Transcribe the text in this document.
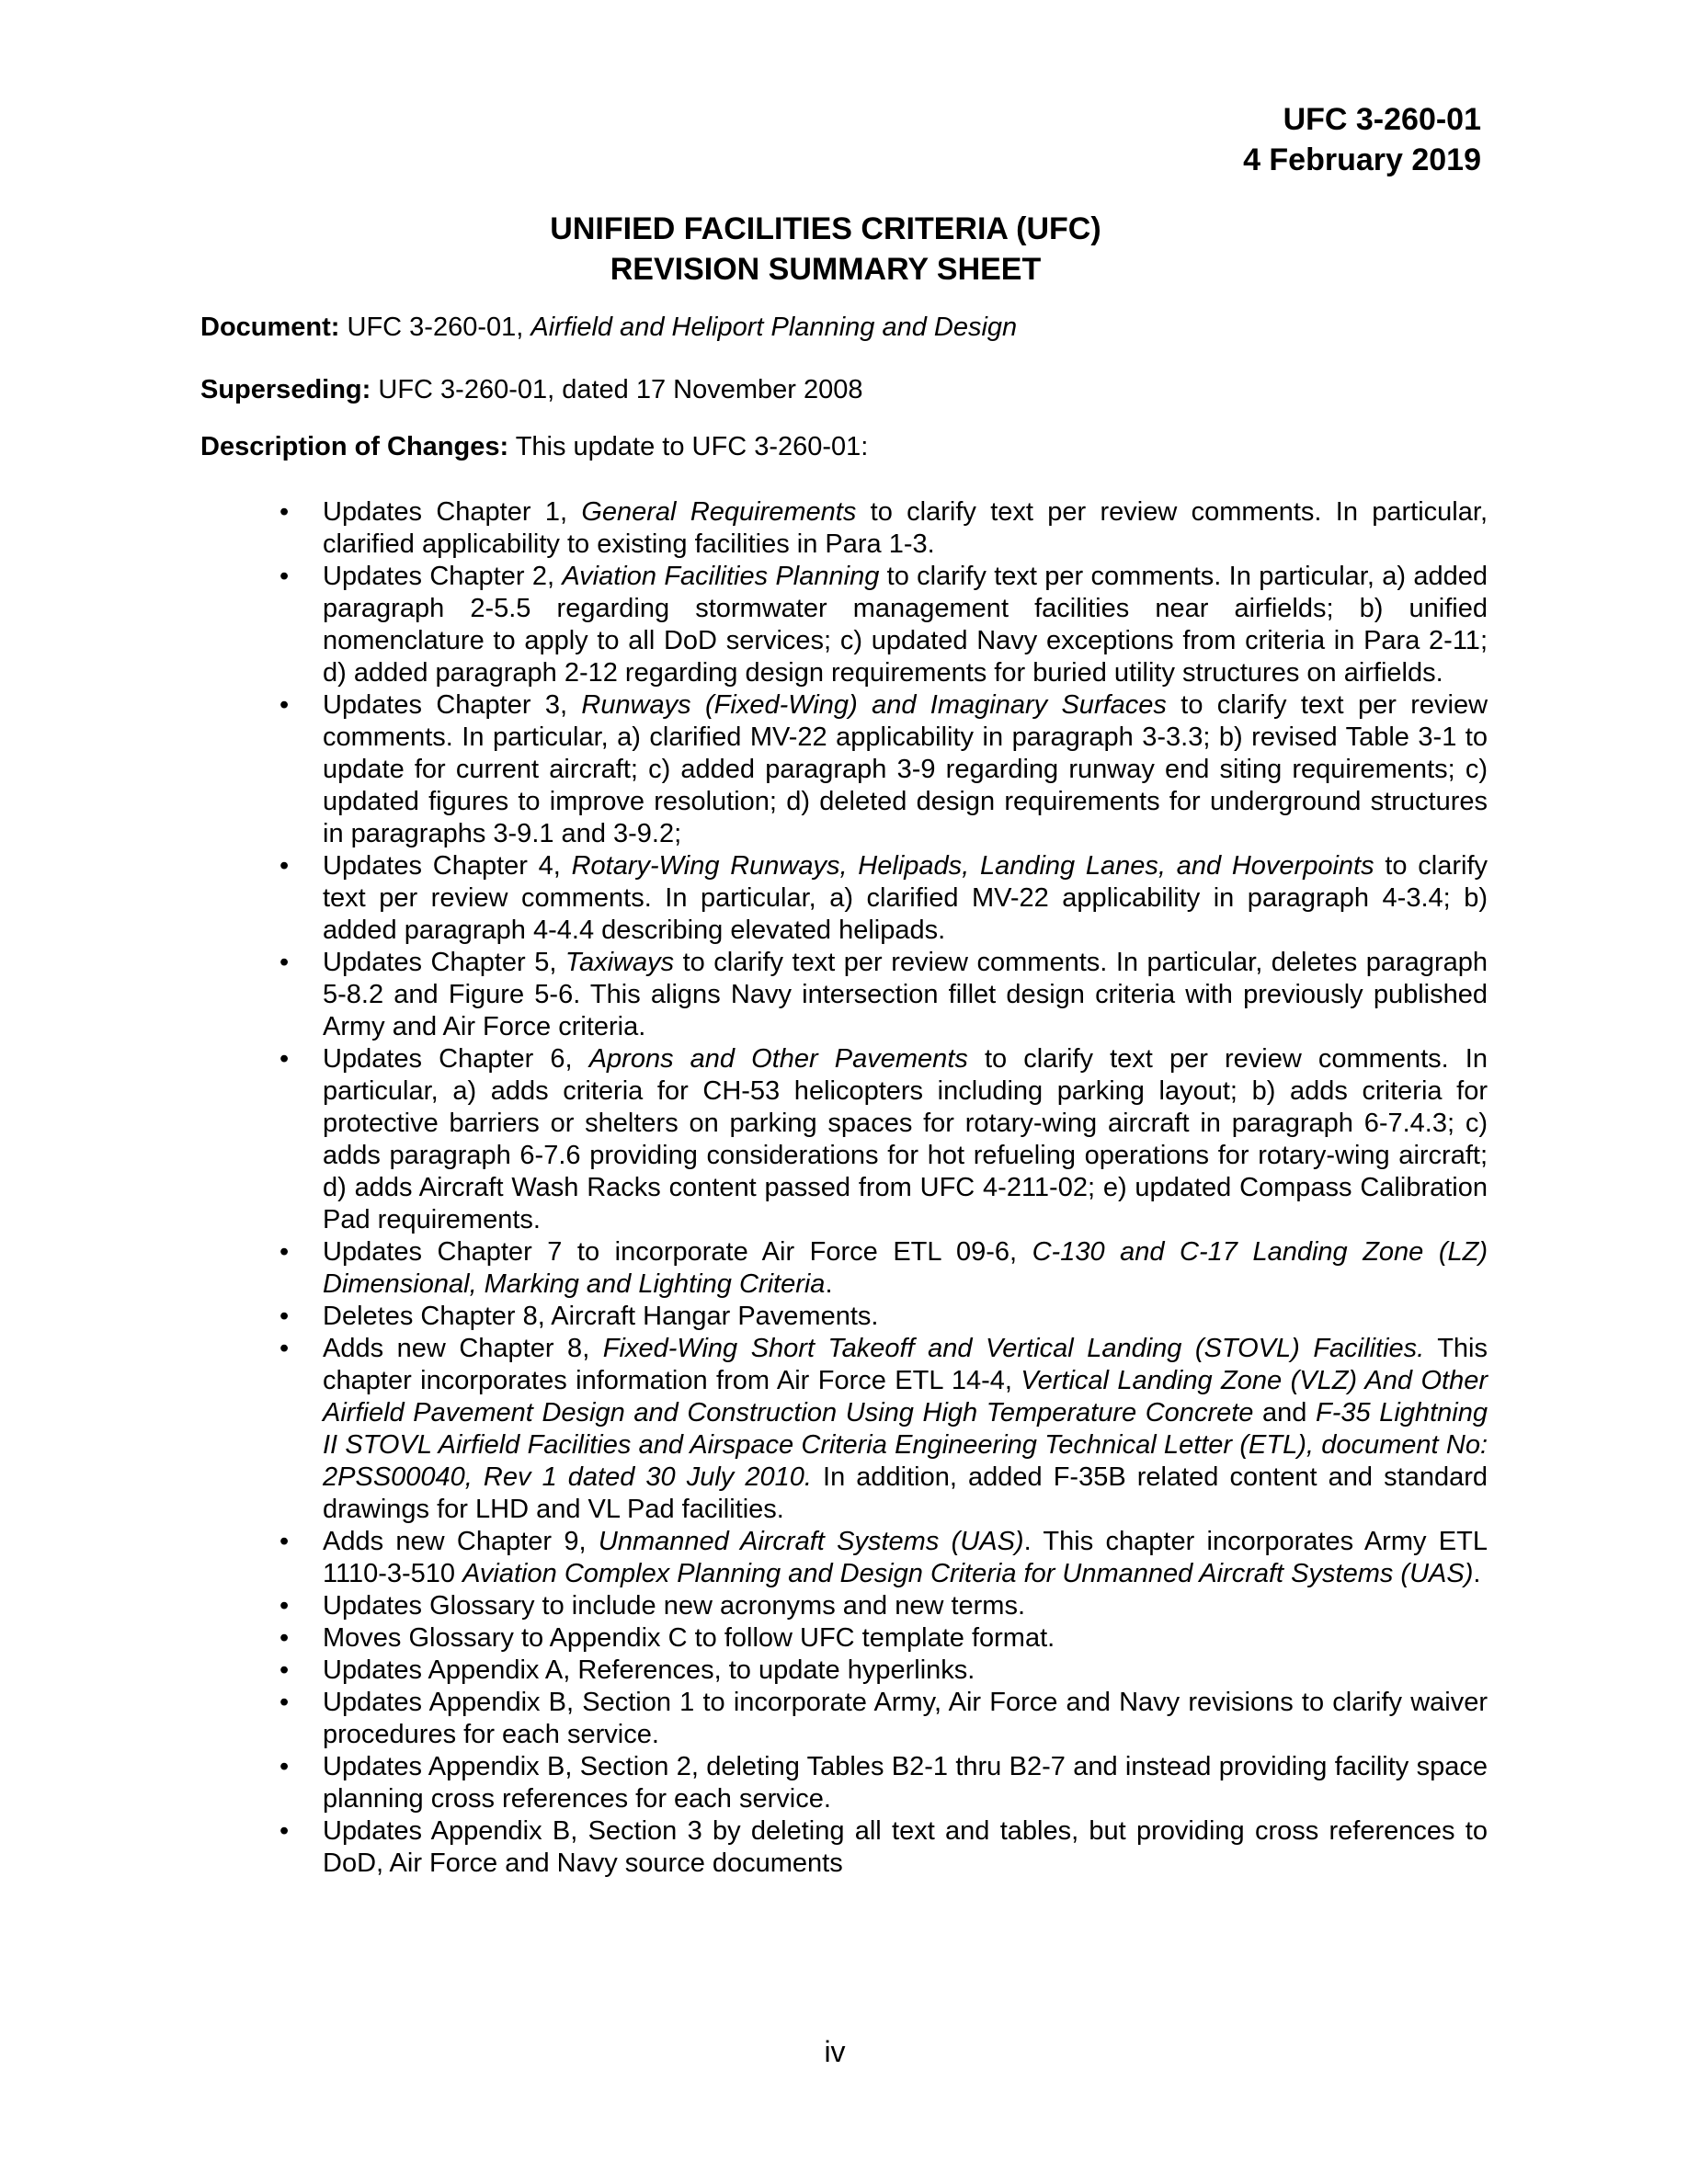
UFC 3-260-01
4 February 2019
UNIFIED FACILITIES CRITERIA (UFC)
REVISION SUMMARY SHEET
Document: UFC 3-260-01, Airfield and Heliport Planning and Design
Superseding: UFC 3-260-01, dated 17 November 2008
Description of Changes: This update to UFC 3-260-01:
• Updates Chapter 1, General Requirements to clarify text per review comments. In particular, clarified applicability to existing facilities in Para 1-3.
• Updates Chapter 2, Aviation Facilities Planning to clarify text per comments. In particular, a) added paragraph 2-5.5 regarding stormwater management facilities near airfields; b) unified nomenclature to apply to all DoD services; c) updated Navy exceptions from criteria in Para 2-11; d) added paragraph 2-12 regarding design requirements for buried utility structures on airfields.
• Updates Chapter 3, Runways (Fixed-Wing) and Imaginary Surfaces to clarify text per review comments. In particular, a) clarified MV-22 applicability in paragraph 3-3.3; b) revised Table 3-1 to update for current aircraft; c) added paragraph 3-9 regarding runway end siting requirements; c) updated figures to improve resolution; d) deleted design requirements for underground structures in paragraphs 3-9.1 and 3-9.2;
• Updates Chapter 4, Rotary-Wing Runways, Helipads, Landing Lanes, and Hoverpoints to clarify text per review comments. In particular, a) clarified MV-22 applicability in paragraph 4-3.4; b) added paragraph 4-4.4 describing elevated helipads.
• Updates Chapter 5, Taxiways to clarify text per review comments. In particular, deletes paragraph 5-8.2 and Figure 5-6. This aligns Navy intersection fillet design criteria with previously published Army and Air Force criteria.
• Updates Chapter 6, Aprons and Other Pavements to clarify text per review comments. In particular, a) adds criteria for CH-53 helicopters including parking layout; b) adds criteria for protective barriers or shelters on parking spaces for rotary-wing aircraft in paragraph 6-7.4.3; c) adds paragraph 6-7.6 providing considerations for hot refueling operations for rotary-wing aircraft; d) adds Aircraft Wash Racks content passed from UFC 4-211-02; e) updated Compass Calibration Pad requirements.
• Updates Chapter 7 to incorporate Air Force ETL 09-6, C-130 and C-17 Landing Zone (LZ) Dimensional, Marking and Lighting Criteria.
• Deletes Chapter 8, Aircraft Hangar Pavements.
• Adds new Chapter 8, Fixed-Wing Short Takeoff and Vertical Landing (STOVL) Facilities. This chapter incorporates information from Air Force ETL 14-4, Vertical Landing Zone (VLZ) And Other Airfield Pavement Design and Construction Using High Temperature Concrete and F-35 Lightning II STOVL Airfield Facilities and Airspace Criteria Engineering Technical Letter (ETL), document No: 2PSS00040, Rev 1 dated 30 July 2010. In addition, added F-35B related content and standard drawings for LHD and VL Pad facilities.
• Adds new Chapter 9, Unmanned Aircraft Systems (UAS). This chapter incorporates Army ETL 1110-3-510 Aviation Complex Planning and Design Criteria for Unmanned Aircraft Systems (UAS).
• Updates Glossary to include new acronyms and new terms.
• Moves Glossary to Appendix C to follow UFC template format.
• Updates Appendix A, References, to update hyperlinks.
• Updates Appendix B, Section 1 to incorporate Army, Air Force and Navy revisions to clarify waiver procedures for each service.
• Updates Appendix B, Section 2, deleting Tables B2-1 thru B2-7 and instead providing facility space planning cross references for each service.
• Updates Appendix B, Section 3 by deleting all text and tables, but providing cross references to DoD, Air Force and Navy source documents
iv
